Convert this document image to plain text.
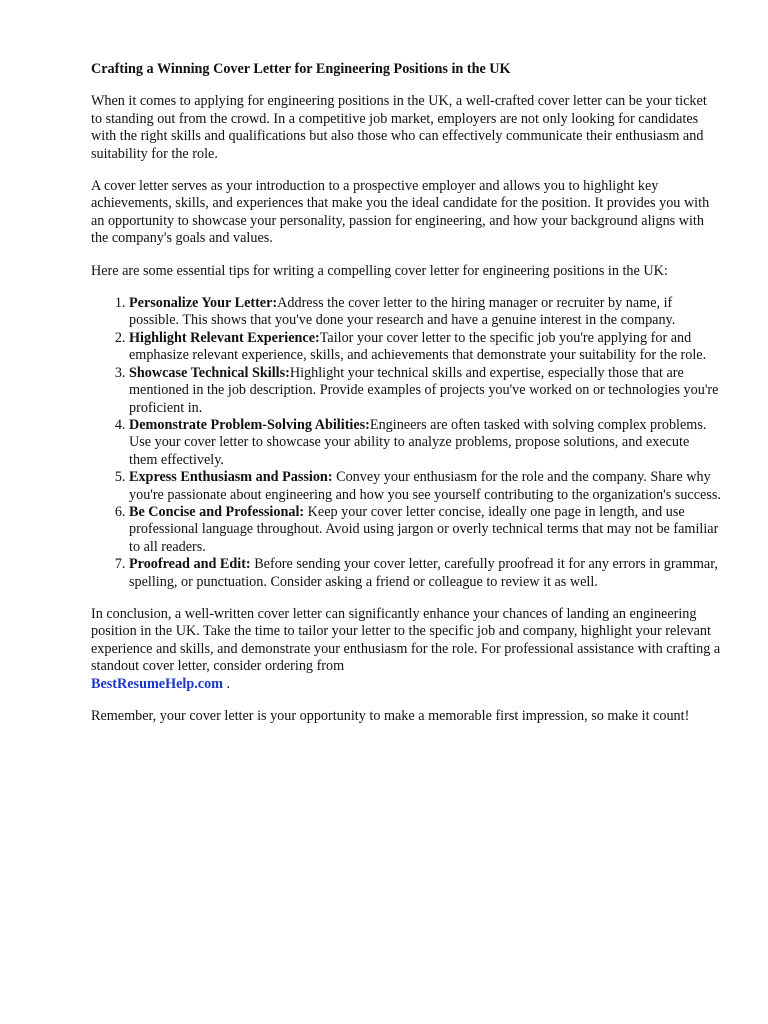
Crafting a Winning Cover Letter for Engineering Positions in the UK

When it comes to applying for engineering positions in the UK, a well-crafted cover letter can be your ticket to standing out from the crowd. In a competitive job market, employers are not only looking for candidates with the right skills and qualifications but also those who can effectively communicate their enthusiasm and suitability for the role.

A cover letter serves as your introduction to a prospective employer and allows you to highlight key achievements, skills, and experiences that make you the ideal candidate for the position. It provides you with an opportunity to showcase your personality, passion for engineering, and how your background aligns with the company's goals and values.

Here are some essential tips for writing a compelling cover letter for engineering positions in the UK:

1. Personalize Your Letter:Address the cover letter to the hiring manager or recruiter by name, if possible. This shows that you've done your research and have a genuine interest in the company.
2. Highlight Relevant Experience:Tailor your cover letter to the specific job you're applying for and emphasize relevant experience, skills, and achievements that demonstrate your suitability for the role.
3. Showcase Technical Skills:Highlight your technical skills and expertise, especially those that are mentioned in the job description. Provide examples of projects you've worked on or technologies you're proficient in.
4. Demonstrate Problem-Solving Abilities:Engineers are often tasked with solving complex problems. Use your cover letter to showcase your ability to analyze problems, propose solutions, and execute them effectively.
5. Express Enthusiasm and Passion: Convey your enthusiasm for the role and the company. Share why you're passionate about engineering and how you see yourself contributing to the organization's success.
6. Be Concise and Professional: Keep your cover letter concise, ideally one page in length, and use professional language throughout. Avoid using jargon or overly technical terms that may not be familiar to all readers.
7. Proofread and Edit: Before sending your cover letter, carefully proofread it for any errors in grammar, spelling, or punctuation. Consider asking a friend or colleague to review it as well.

In conclusion, a well-written cover letter can significantly enhance your chances of landing an engineering position in the UK. Take the time to tailor your letter to the specific job and company, highlight your relevant experience and skills, and demonstrate your enthusiasm for the role. For professional assistance with crafting a standout cover letter, consider ordering from
BestResumeHelp.com .

Remember, your cover letter is your opportunity to make a memorable first impression, so make it count!
